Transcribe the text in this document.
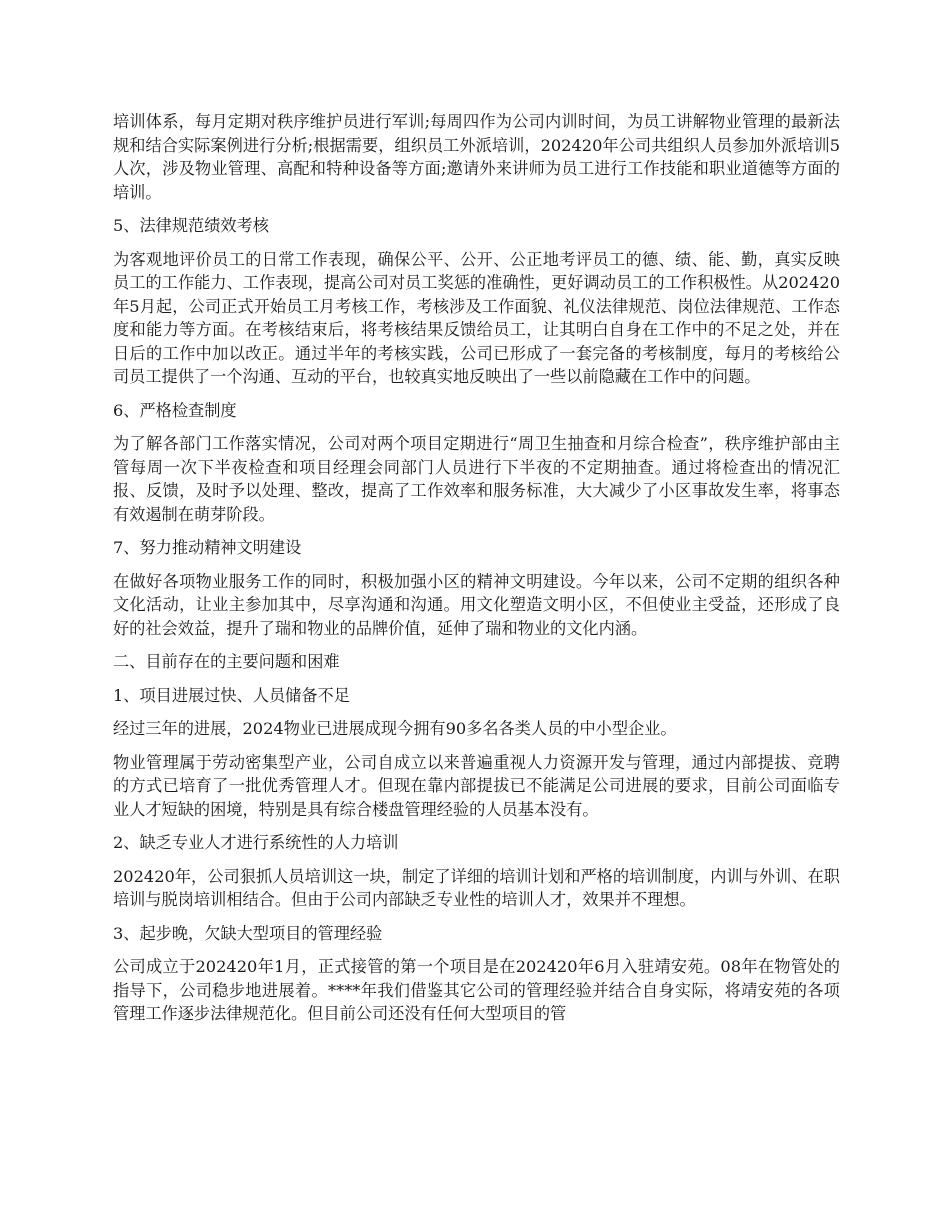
培训体系，每月定期对秩序维护员进行军训;每周四作为公司内训时间，为员工讲解物业管理的最新法规和结合实际案例进行分析;根据需要，组织员工外派培训，202420年公司共组织人员参加外派培训5人次，涉及物业管理、高配和特种设备等方面;邀请外来讲师为员工进行工作技能和职业道德等方面的培训。

5、法律规范绩效考核

为客观地评价员工的日常工作表现，确保公平、公开、公正地考评员工的德、绩、能、勤，真实反映员工的工作能力、工作表现，提高公司对员工奖惩的准确性，更好调动员工的工作积极性。从202420年5月起，公司正式开始员工月考核工作，考核涉及工作面貌、礼仪法律规范、岗位法律规范、工作态度和能力等方面。在考核结束后，将考核结果反馈给员工，让其明白自身在工作中的不足之处，并在日后的工作中加以改正。通过半年的考核实践，公司已形成了一套完备的考核制度，每月的考核给公司员工提供了一个沟通、互动的平台，也较真实地反映出了一些以前隐藏在工作中的问题。

6、严格检查制度

为了解各部门工作落实情况，公司对两个项目定期进行“周卫生抽查和月综合检查”，秩序维护部由主管每周一次下半夜检查和项目经理会同部门人员进行下半夜的不定期抽查。通过将检查出的情况汇报、反馈，及时予以处理、整改，提高了工作效率和服务标准，大大减少了小区事故发生率，将事态有效遏制在萌芽阶段。

7、努力推动精神文明建设

在做好各项物业服务工作的同时，积极加强小区的精神文明建设。今年以来，公司不定期的组织各种文化活动，让业主参加其中，尽享沟通和沟通。用文化塑造文明小区，不但使业主受益，还形成了良好的社会效益，提升了瑞和物业的品牌价值，延伸了瑞和物业的文化内涵。

二、目前存在的主要问题和困难

1、项目进展过快、人员储备不足

经过三年的进展，2024物业已进展成现今拥有90多名各类人员的中小型企业。

物业管理属于劳动密集型产业，公司自成立以来普遍重视人力资源开发与管理，通过内部提拔、竞聘的方式已培育了一批优秀管理人才。但现在靠内部提拔已不能满足公司进展的要求，目前公司面临专业人才短缺的困境，特别是具有综合楼盘管理经验的人员基本没有。

2、缺乏专业人才进行系统性的人力培训

202420年，公司狠抓人员培训这一块，制定了详细的培训计划和严格的培训制度，内训与外训、在职培训与脱岗培训相结合。但由于公司内部缺乏专业性的培训人才，效果并不理想。

3、起步晚，欠缺大型项目的管理经验

公司成立于202420年1月，正式接管的第一个项目是在202420年6月入驻靖安苑。08年在物管处的指导下，公司稳步地进展着。****年我们借鉴其它公司的管理经验并结合自身实际，将靖安苑的各项管理工作逐步法律规范化。但目前公司还没有任何大型项目的管
